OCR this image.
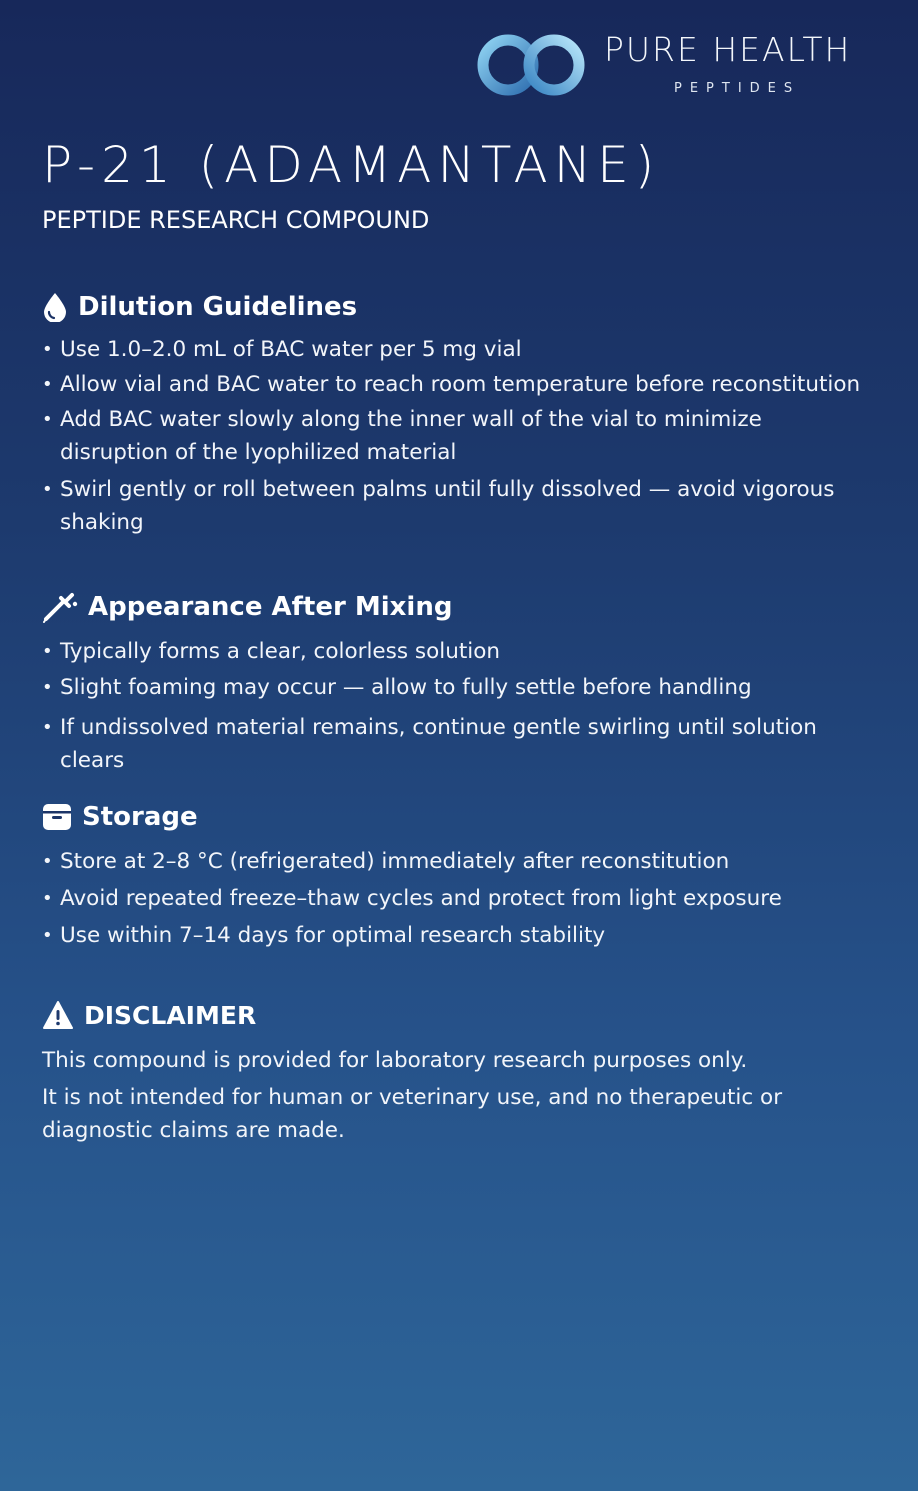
PURE HEALTH
PEPTIDES
P-21 (ADAMANTANE)
PEPTIDE RESEARCH COMPOUND
Dilution Guidelines
• Use 1.0–2.0 mL of BAC water per 5 mg vial
• Allow vial and BAC water to reach room temperature before reconstitution
• Add BAC water slowly along the inner wall of the vial to minimize disruption of the lyophilized material
• Swirl gently or roll between palms until fully dissolved — avoid vigorous shaking
Appearance After Mixing
• Typically forms a clear, colorless solution
• Slight foaming may occur — allow to fully settle before handling
• If undissolved material remains, continue gentle swirling until solution clears
Storage
• Store at 2–8 °C (refrigerated) immediately after reconstitution
• Avoid repeated freeze–thaw cycles and protect from light exposure
• Use within 7–14 days for optimal research stability
DISCLAIMER

This compound is provided for laboratory research purposes only.

It is not intended for human or veterinary use, and no therapeutic or diagnostic claims are made.
